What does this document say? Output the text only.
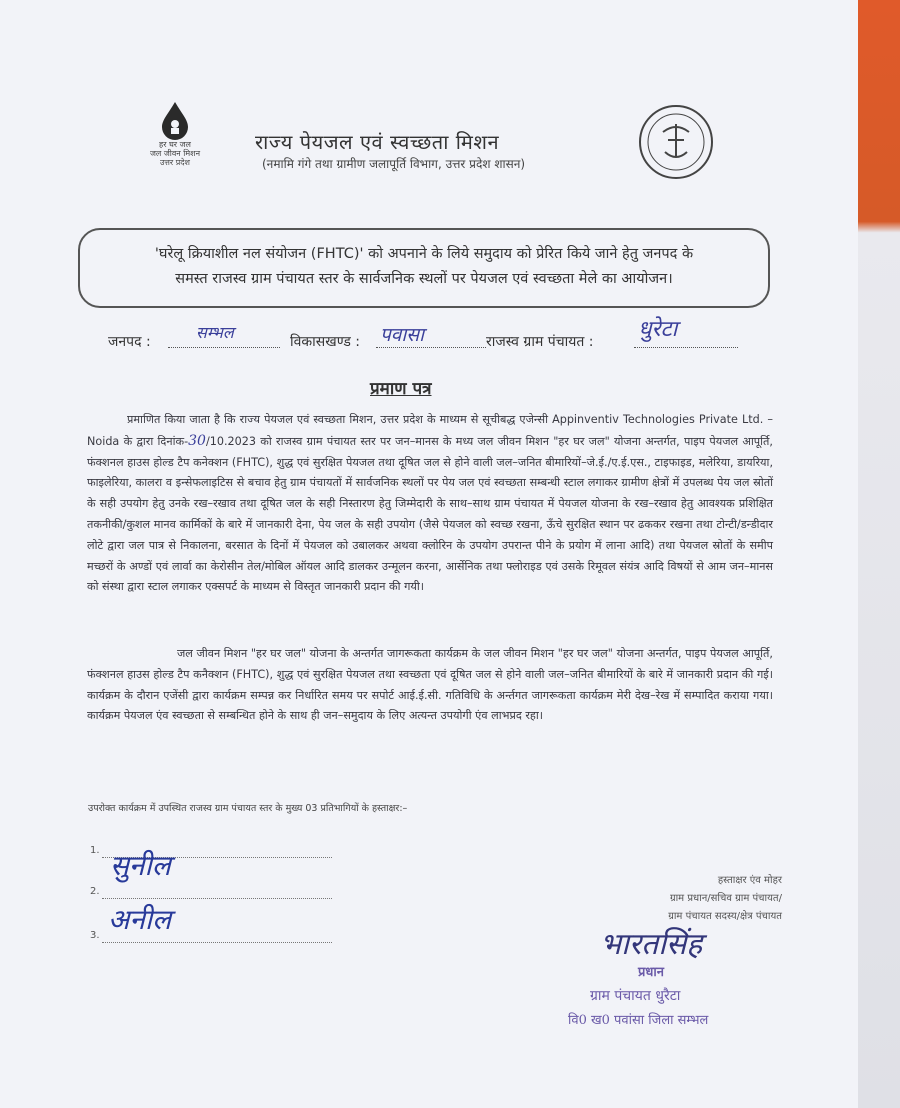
हर घर जल
जल जीवन मिशन
उत्तर प्रदेश
राज्य पेयजल एवं स्वच्छता मिशन
(नमामि गंगे तथा ग्रामीण जलापूर्ति विभाग, उत्तर प्रदेश शासन)
'घरेलू क्रियाशील नल संयोजन (FHTC)' को अपनाने के लिये समुदाय को प्रेरित किये जाने हेतु जनपद के
समस्त राजस्व ग्राम पंचायत स्तर के सार्वजनिक स्थलों पर पेयजल एवं स्वच्छता मेले का आयोजन।
जनपद :	सम्भल	विकासखण्ड : पवासा	राजस्व ग्राम पंचायत : धुरेटा
प्रमाण पत्र
प्रमाणित किया जाता है कि राज्य पेयजल एवं स्वच्छता मिशन, उत्तर प्रदेश के माध्यम से सूचीबद्ध एजेन्सी Appinventiv Technologies Private Ltd. – Noida के द्वारा दिनांक-30/10.2023 को राजस्व ग्राम पंचायत स्तर पर जन–मानस के मध्य जल जीवन मिशन "हर घर जल" योजना अन्तर्गत, पाइप पेयजल आपूर्ति, फंक्शनल हाउस होल्ड टैप कनेक्शन (FHTC), शुद्ध एवं सुरक्षित पेयजल तथा दूषित जल से होने वाली जल–जनित बीमारियों–जे.ई./ए.ई.एस., टाइफाइड, मलेरिया, डायरिया, फाइलेरिया, कालरा व इन्सेफलाइटिस से बचाव हेतु ग्राम पंचायतों में सार्वजनिक स्थलों पर पेय जल एवं स्वच्छता सम्बन्धी स्टाल लगाकर ग्रामीण क्षेत्रों में उपलब्ध पेय जल स्रोतों के सही उपयोग हेतु उनके रख–रखाव तथा दूषित जल के सही निस्तारण हेतु जिम्मेदारी के साथ–साथ ग्राम पंचायत में पेयजल योजना के रख–रखाव हेतु आवश्यक प्रशिक्षित तकनीकी/कुशल मानव कार्मिकों के बारे में जानकारी देना, पेय जल के सही उपयोग (जैसे पेयजल को स्वच्छ रखना, ऊँचे सुरक्षित स्थान पर ढककर रखना तथा टोन्टी/डन्डीदार लोटे द्वारा जल पात्र से निकालना, बरसात के दिनों में पेयजल को उबालकर अथवा क्लोरिन के उपयोग उपरान्त पीने के प्रयोग में लाना आदि) तथा पेयजल स्रोतों के समीप मच्छरों के अण्डों एवं लार्वा का केरोसीन तेल/मोबिल ऑयल आदि डालकर उन्मूलन करना, आर्सेनिक तथा फ्लोराइड एवं उसके रिमूवल संयंत्र आदि विषयों से आम जन–मानस को संस्था द्वारा स्टाल लगाकर एक्सपर्ट के माध्यम से विस्तृत जानकारी प्रदान की गयी।
जल जीवन मिशन "हर घर जल" योजना के अन्तर्गत जागरूकता कार्यक्रम के जल जीवन मिशन "हर घर जल" योजना अन्तर्गत, पाइप पेयजल आपूर्ति, फंक्शनल हाउस होल्ड टैप कनैक्शन (FHTC), शुद्ध एवं सुरक्षित पेयजल तथा स्वच्छता एवं दूषित जल से होने वाली जल–जनित बीमारियों के बारे में जानकारी प्रदान की गई। कार्यक्रम के दौरान एजेंसी द्वारा कार्यक्रम सम्पन्न कर निर्धारित समय पर सपोर्ट आई.ई.सी. गतिविधि के अर्न्तगत जागरूकता कार्यक्रम मेरी देख–रेख में सम्पादित कराया गया। कार्यक्रम पेयजल एंव स्वच्छता से सम्बन्धित होने के साथ ही जन–समुदाय के लिए अत्यन्त उपयोगी एंव लाभप्रद रहा।
उपरोक्त कार्यक्रम में उपस्थित राजस्व ग्राम पंचायत स्तर के मुख्य 03 प्रतिभागियों के हस्ताक्षर:–
1. सुनील
2.
अनील
3.
हस्ताक्षर एंव मोहर
ग्राम प्रधान/सचिव ग्राम पंचायत/
ग्राम पंचायत सदस्य/क्षेत्र पंचायत
भारतसिंह
प्रधान
ग्राम पंचायत धुरैटा
वि0 ख0 पवांसा जिला सम्भल
